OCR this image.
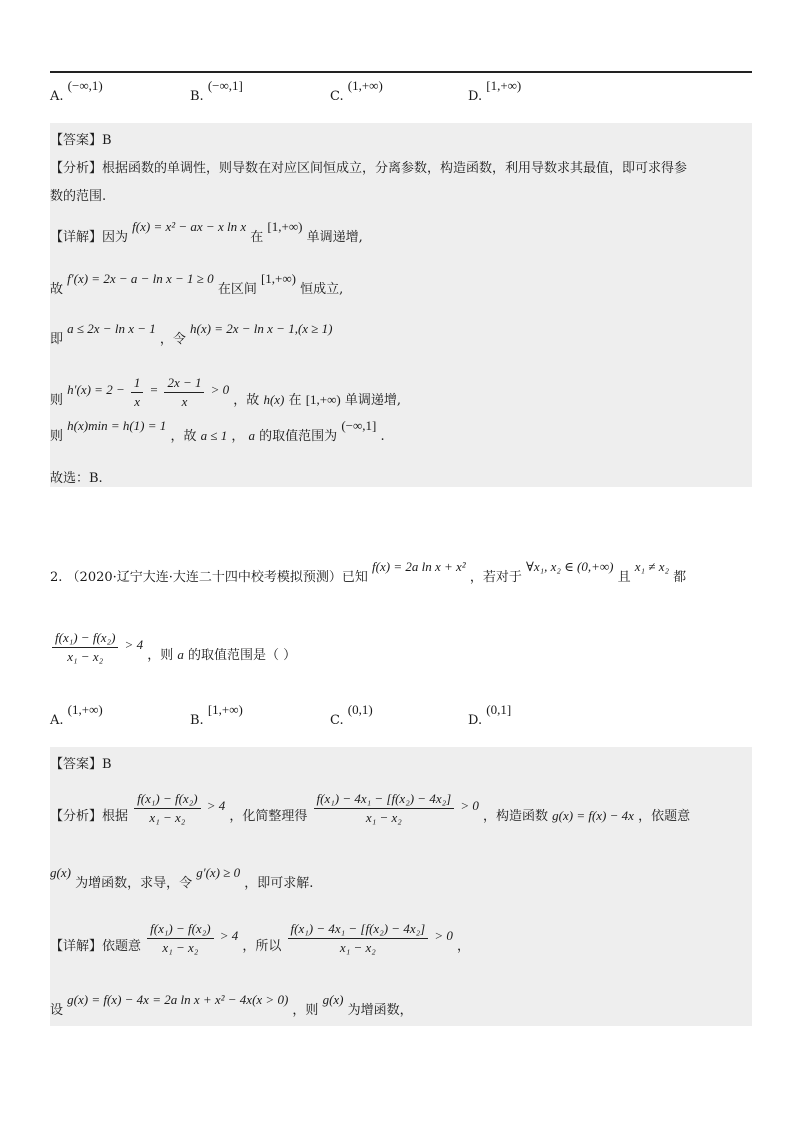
A. (−∞,1)
B. (−∞,1]
C. (1,+∞)
D. [1,+∞)
【答案】B
【分析】根据函数的单调性，则导数在对应区间恒成立，分离参数，构造函数，利用导数求其最值，即可求得参
数的范围.
【详解】因为 f(x) = x² − ax − x ln x 在 [1,+∞) 单调递增,
故 f′(x) = 2x − a − ln x − 1 ≥ 0 在区间 [1,+∞) 恒成立,
即 a ≤ 2x − ln x − 1 ，令 h(x) = 2x − ln x − 1,(x ≥ 1)
则 $h'(x) = 2 - \frac{1}{x} = \frac{2x - 1}{x} > 0$ ，故 h(x) 在 [1,+∞) 单调递增,
则 h(x)min = h(1) = 1 ，故 a ≤ 1 ， a 的取值范围为 (−∞,1] .
故选：B.
2. （2020·辽宁大连·大连二十四中校考模拟预测）已知 f(x) = 2a ln x + x² ，若对于 ∀x₁, x₂ ∈ (0,+∞) 且 x₁ ≠ x₂ 都
$\frac{\text{f(x₁) − f(x₂)}}{\text{x₁ − x₂}} > 4$ ，则 a 的取值范围是（ ）
A. (1,+∞)
B. [1,+∞)
C. (0,1)
D. (0,1]
【答案】B
【分析】根据 $\frac{\text{f(x₁) − f(x₂)}}{\text{x₁ − x₂}} > 4$ ，化简整理得 $\frac{\text{f(x₁) − 4x₁ − [f(x₂) − 4x₂]}}{\text{x₁ − x₂}} > 0$ ，构造函数 g(x) = f(x) − 4x ，依题意
g(x) 为增函数，求导，令 g′(x) ≥ 0 ，即可求解.
【详解】依题意 $\frac{\text{f(x₁) − f(x₂)}}{\text{x₁ − x₂}} > 4$ ，所以 $\frac{\text{f(x₁) − 4x₁ − [f(x₂) − 4x₂]}}{\text{x₁ − x₂}} > 0$ ，
设 g(x) = f(x) − 4x = 2a ln x + x² − 4x(x > 0) ，则 g(x) 为增函数，
